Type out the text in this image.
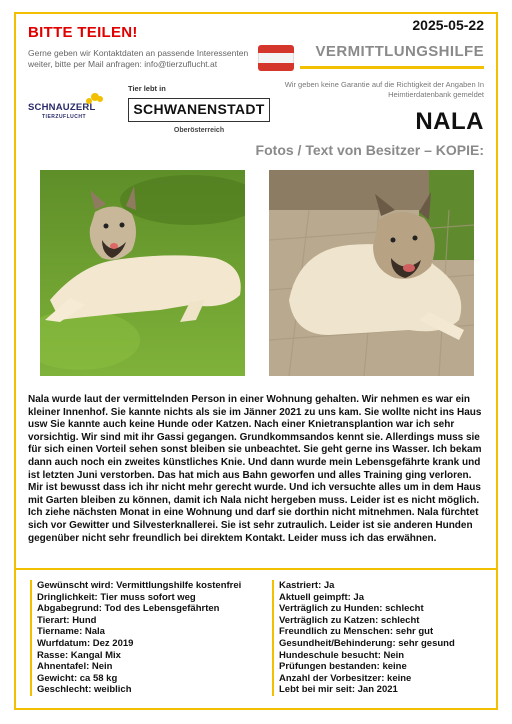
BITTE TEILEN!
Gerne geben wir Kontaktdaten an passende Interessenten weiter, bitte per Mail anfragen: info@tierzuflucht.at
2025-05-22
VERMITTLUNGSHILFE
Wir geben keine Garantie auf die Richtigkeit der Angaben In Heimtierdatenbank gemeldet
SCHNAUZERL
TIERZUFLUCHT
Tier lebt in
SCHWANENSTADT
Oberösterreich	NALA
Fotos / Text von Besitzer – KOPIE:
Nala wurde laut der vermittelnden Person in einer Wohnung gehalten. Wir nehmen es war ein kleiner Innenhof. Sie kannte nichts als sie im Jänner 2021 zu uns kam. Sie wollte nicht ins Haus usw Sie kannte auch keine Hunde oder Katzen. Nach einer Knietransplantion war ich sehr vorsichtig. Wir sind mit ihr Gassi gegangen. Grundkommsandos kennt sie. Allerdings muss sie für sich einen Vorteil sehen sonst bleiben sie unbeachtet. Sie geht gerne ins Wasser. Ich bekam dann auch noch ein zweites künstliches Knie. Und dann wurde mein Lebensgefährte krank und ist letzten Juni verstorben. Das hat mich aus Bahn geworfen und alles Training ging verloren. Mir ist bewusst dass ich ihr nicht mehr gerecht wurde. Und ich versuchte alles um in dem Haus mit Garten bleiben zu können, damit ich Nala nicht hergeben muss. Leider ist es nicht möglich. Ich ziehe nächsten Monat in eine Wohnung und darf sie dorthin nicht mitnehmen. Nala fürchtet sich vor Gewitter und Silvesterknallerei. Sie ist sehr zutraulich. Leider ist sie anderen Hunden gegenüber nicht sehr freundlich bei direktem Kontakt. Leider muss ich das erwähnen.
Gewünscht wird: Vermittlungshilfe kostenfrei
Dringlichkeit: Tier muss sofort weg
Abgabegrund: Tod des Lebensgefährten
Tierart: Hund
Tiername: Nala
Wurfdatum: Dez 2019
Rasse: Kangal Mix
Ahnentafel: Nein
Gewicht: ca 58 kg
Geschlecht: weiblich
Kastriert: Ja
Aktuell geimpft: Ja
Verträglich zu Hunden: schlecht
Verträglich zu Katzen: schlecht
Freundlich zu Menschen: sehr gut
Gesundheit/Behinderung: sehr gesund
Hundeschule besucht: Nein
Prüfungen bestanden: keine
Anzahl der Vorbesitzer: keine
Lebt bei mir seit: Jan 2021
